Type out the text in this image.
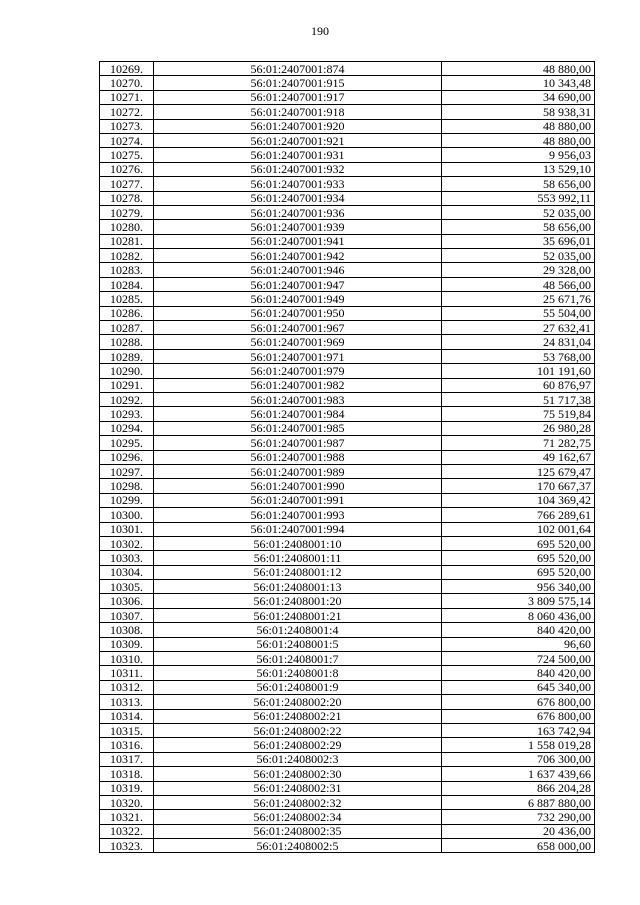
190
10269.	56:01:2407001:874	48 880,00
10270.	56:01:2407001:915	10 343,48
10271.	56:01:2407001:917	34 690,00
10272.	56:01:2407001:918	58 938,31
10273.	56:01:2407001:920	48 880,00
10274.	56:01:2407001:921	48 880,00
10275.	56:01:2407001:931	9 956,03
10276.	56:01:2407001:932	13 529,10
10277.	56:01:2407001:933	58 656,00
10278.	56:01:2407001:934	553 992,11
10279.	56:01:2407001:936	52 035,00
10280.	56:01:2407001:939	58 656,00
10281.	56:01:2407001:941	35 696,01
10282.	56:01:2407001:942	52 035,00
10283.	56:01:2407001:946	29 328,00
10284.	56:01:2407001:947	48 566,00
10285.	56:01:2407001:949	25 671,76
10286.	56:01:2407001:950	55 504,00
10287.	56:01:2407001:967	27 632,41
10288.	56:01:2407001:969	24 831,04
10289.	56:01:2407001:971	53 768,00
10290.	56:01:2407001:979	101 191,60
10291.	56:01:2407001:982	60 876,97
10292.	56:01:2407001:983	51 717,38
10293.	56:01:2407001:984	75 519,84
10294.	56:01:2407001:985	26 980,28
10295.	56:01:2407001:987	71 282,75
10296.	56:01:2407001:988	49 162,67
10297.	56:01:2407001:989	125 679,47
10298.	56:01:2407001:990	170 667,37
10299.	56:01:2407001:991	104 369,42
10300.	56:01:2407001:993	766 289,61
10301.	56:01:2407001:994	102 001,64
10302.	56:01:2408001:10	695 520,00
10303.	56:01:2408001:11	695 520,00
10304.	56:01:2408001:12	695 520,00
10305.	56:01:2408001:13	956 340,00
10306.	56:01:2408001:20	3 809 575,14
10307.	56:01:2408001:21	8 060 436,00
10308.	56:01:2408001:4	840 420,00
10309.	56:01:2408001:5	96,60
10310.	56:01:2408001:7	724 500,00
10311.	56:01:2408001:8	840 420,00
10312.	56:01:2408001:9	645 340,00
10313.	56:01:2408002:20	676 800,00
10314.	56:01:2408002:21	676 800,00
10315.	56:01:2408002:22	163 742,94
10316.	56:01:2408002:29	1 558 019,28
10317.	56:01:2408002:3	706 300,00
10318.	56:01:2408002:30	1 637 439,66
10319.	56:01:2408002:31	866 204,28
10320.	56:01:2408002:32	6 887 880,00
10321.	56:01:2408002:34	732 290,00
10322.	56:01:2408002:35	20 436,00
10323.	56:01:2408002:5	658 000,00
